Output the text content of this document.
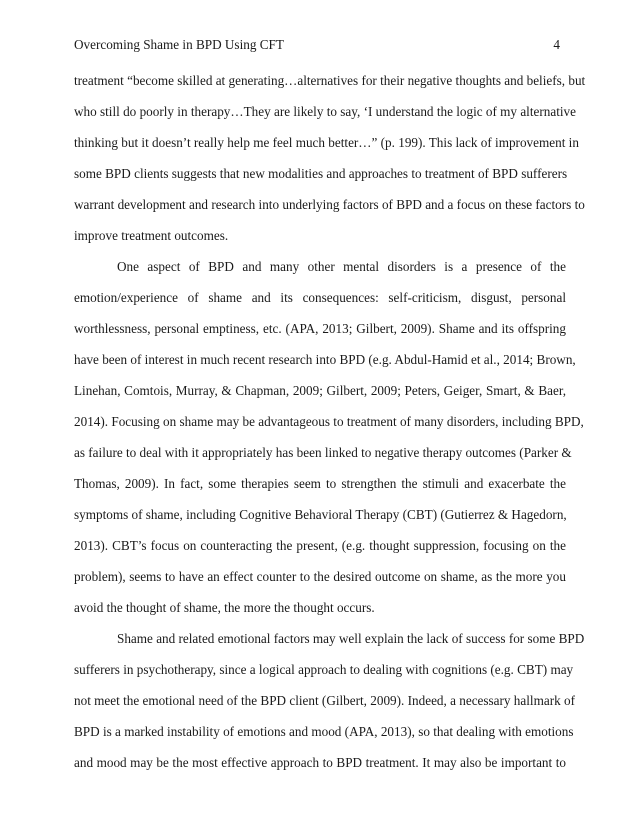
Overcoming Shame in BPD Using CFT	4
treatment “become skilled at generating…alternatives for their negative thoughts and beliefs, but
who still do poorly in therapy…They are likely to say, ‘I understand the logic of my alternative
thinking but it doesn’t really help me feel much better…” (p. 199). This lack of improvement in
some BPD clients suggests that new modalities and approaches to treatment of BPD sufferers
warrant development and research into underlying factors of BPD and a focus on these factors to
improve treatment outcomes.
One aspect of BPD and many other mental disorders is a presence of the
emotion/experience of shame and its consequences: self-criticism, disgust, personal
worthlessness, personal emptiness, etc. (APA, 2013; Gilbert, 2009). Shame and its offspring
have been of interest in much recent research into BPD (e.g. Abdul-Hamid et al., 2014; Brown,
Linehan, Comtois, Murray, & Chapman, 2009; Gilbert, 2009; Peters, Geiger, Smart, & Baer,
2014). Focusing on shame may be advantageous to treatment of many disorders, including BPD,
as failure to deal with it appropriately has been linked to negative therapy outcomes (Parker &
Thomas, 2009). In fact, some therapies seem to strengthen the stimuli and exacerbate the
symptoms of shame, including Cognitive Behavioral Therapy (CBT) (Gutierrez & Hagedorn,
2013). CBT’s focus on counteracting the present, (e.g. thought suppression, focusing on the
problem), seems to have an effect counter to the desired outcome on shame, as the more you
avoid the thought of shame, the more the thought occurs.
Shame and related emotional factors may well explain the lack of success for some BPD
sufferers in psychotherapy, since a logical approach to dealing with cognitions (e.g. CBT) may
not meet the emotional need of the BPD client (Gilbert, 2009). Indeed, a necessary hallmark of
BPD is a marked instability of emotions and mood (APA, 2013), so that dealing with emotions
and mood may be the most effective approach to BPD treatment. It may also be important to
